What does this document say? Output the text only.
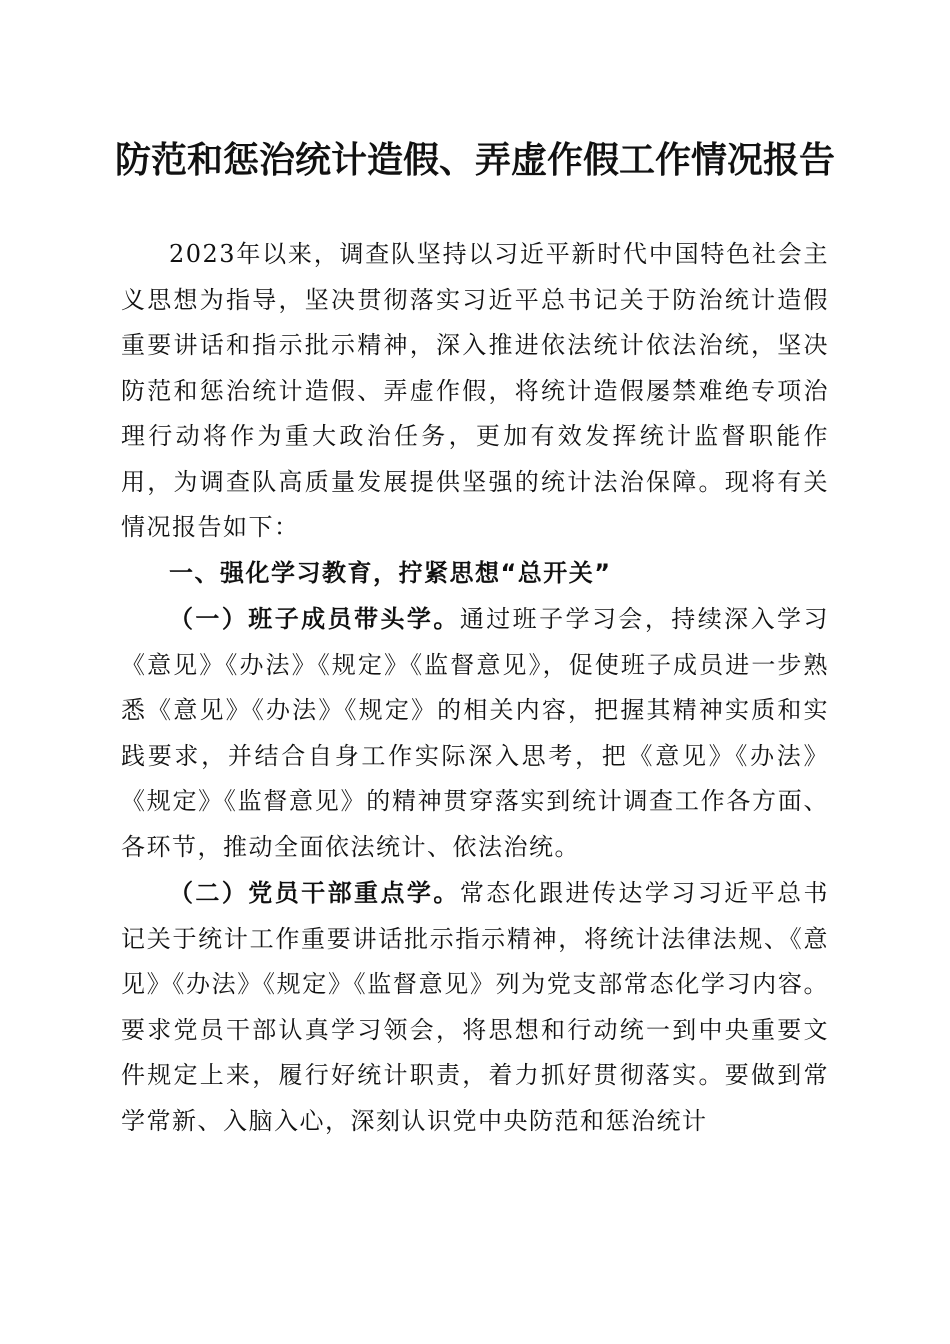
防范和惩治统计造假、弄虚作假工作情况报告

2023年以来，调查队坚持以习近平新时代中国特色社会主义思想为指导，坚决贯彻落实习近平总书记关于防治统计造假重要讲话和指示批示精神，深入推进依法统计依法治统，坚决防范和惩治统计造假、弄虚作假，将统计造假屡禁难绝专项治理行动将作为重大政治任务，更加有效发挥统计监督职能作用，为调查队高质量发展提供坚强的统计法治保障。现将有关情况报告如下：

一、强化学习教育，拧紧思想“总开关”

（一）班子成员带头学。通过班子学习会，持续深入学习《意见》《办法》《规定》《监督意见》，促使班子成员进一步熟悉《意见》《办法》《规定》的相关内容，把握其精神实质和实践要求，并结合自身工作实际深入思考，把《意见》《办法》《规定》《监督意见》的精神贯穿落实到统计调查工作各方面、各环节，推动全面依法统计、依法治统。

（二）党员干部重点学。常态化跟进传达学习习近平总书记关于统计工作重要讲话批示指示精神，将统计法律法规、《意见》《办法》《规定》《监督意见》列为党支部常态化学习内容。要求党员干部认真学习领会，将思想和行动统一到中央重要文件规定上来，履行好统计职责，着力抓好贯彻落实。要做到常学常新、入脑入心，深刻认识党中央防范和惩治统计
